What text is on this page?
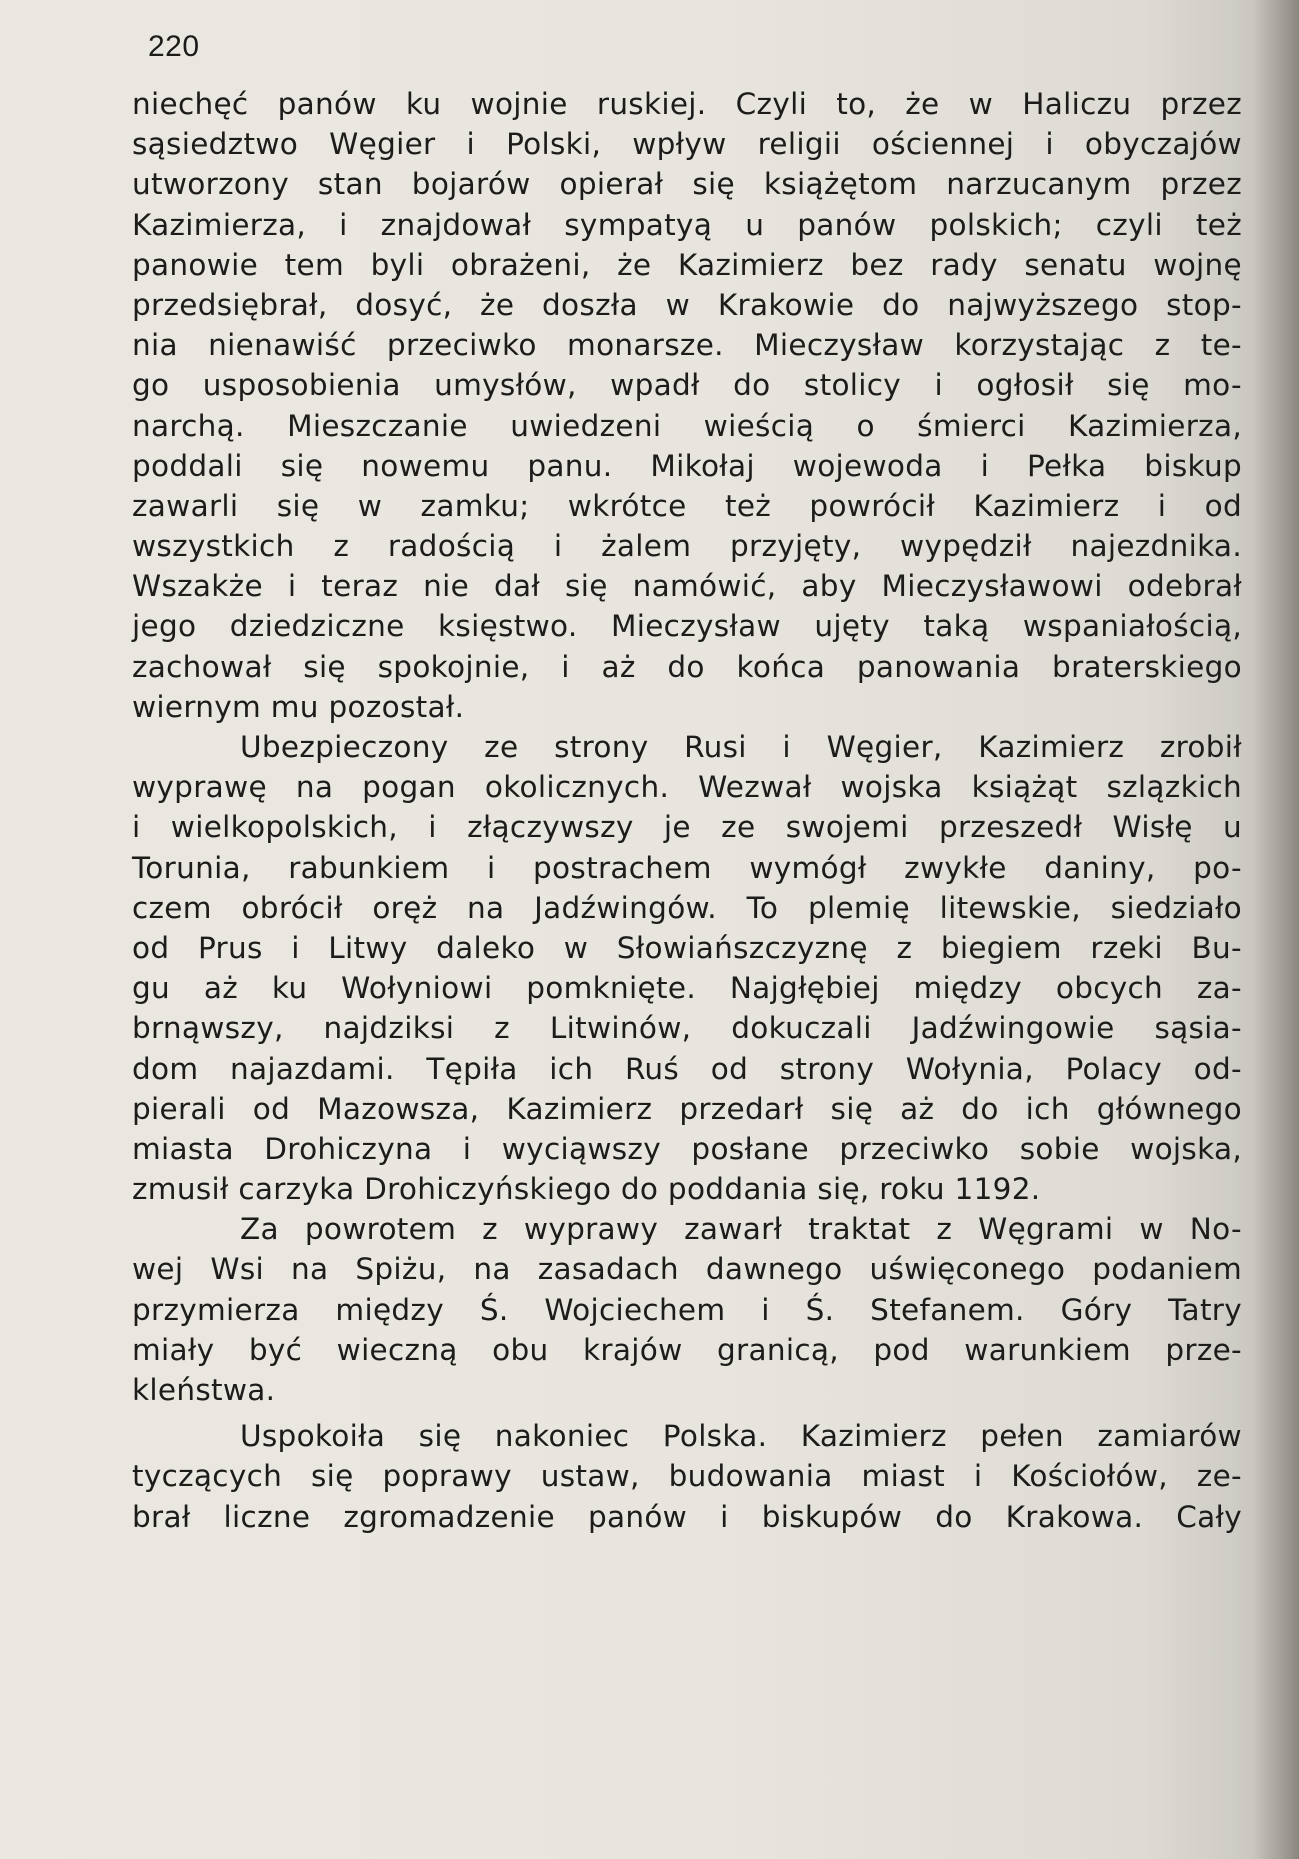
220
niechęć panów ku wojnie ruskiej. Czyli to, że w Haliczu przez
sąsiedztwo Węgier i Polski, wpływ religii ościennej i obyczajów
utworzony stan bojarów opierał się książętom narzucanym przez
Kazimierza, i znajdował sympatyą u panów polskich; czyli też
panowie tem byli obrażeni, że Kazimierz bez rady senatu wojnę
przedsiębrał, dosyć, że doszła w Krakowie do najwyższego stop-
nia nienawiść przeciwko monarsze. Mieczysław korzystając z te-
go usposobienia umysłów, wpadł do stolicy i ogłosił się mo-
narchą. Mieszczanie uwiedzeni wieścią o śmierci Kazimierza,
poddali się nowemu panu. Mikołaj wojewoda i Pełka biskup
zawarli się w zamku; wkrótce też powrócił Kazimierz i od
wszystkich z radością i żalem przyjęty, wypędził najezdnika.
Wszakże i teraz nie dał się namówić, aby Mieczysławowi odebrał
jego dziedziczne księstwo. Mieczysław ujęty taką wspaniałością,
zachował się spokojnie, i aż do końca panowania braterskiego
wiernym mu pozostał.
Ubezpieczony ze strony Rusi i Węgier, Kazimierz zrobił
wyprawę na pogan okolicznych. Wezwał wojska książąt szlązkich
i wielkopolskich, i złączywszy je ze swojemi przeszedł Wisłę u
Torunia, rabunkiem i postrachem wymógł zwykłe daniny, po-
czem obrócił oręż na Jadźwingów. To plemię litewskie, siedziało
od Prus i Litwy daleko w Słowiańszczyznę z biegiem rzeki Bu-
gu aż ku Wołyniowi pomknięte. Najgłębiej między obcych za-
brnąwszy, najdziksi z Litwinów, dokuczali Jadźwingowie sąsia-
dom najazdami. Tępiła ich Ruś od strony Wołynia, Polacy od-
pierali od Mazowsza, Kazimierz przedarł się aż do ich głównego
miasta Drohiczyna i wyciąwszy posłane przeciwko sobie wojska,
zmusił carzyka Drohiczyńskiego do poddania się, roku 1192.
Za powrotem z wyprawy zawarł traktat z Węgrami w No-
wej Wsi na Spiżu, na zasadach dawnego uświęconego podaniem
przymierza między Ś. Wojciechem i Ś. Stefanem. Góry Tatry
miały być wieczną obu krajów granicą, pod warunkiem prze-
kleństwa.
Uspokoiła się nakoniec Polska. Kazimierz pełen zamiarów
tyczących się poprawy ustaw, budowania miast i Kościołów, ze-
brał liczne zgromadzenie panów i biskupów do Krakowa. Cały
